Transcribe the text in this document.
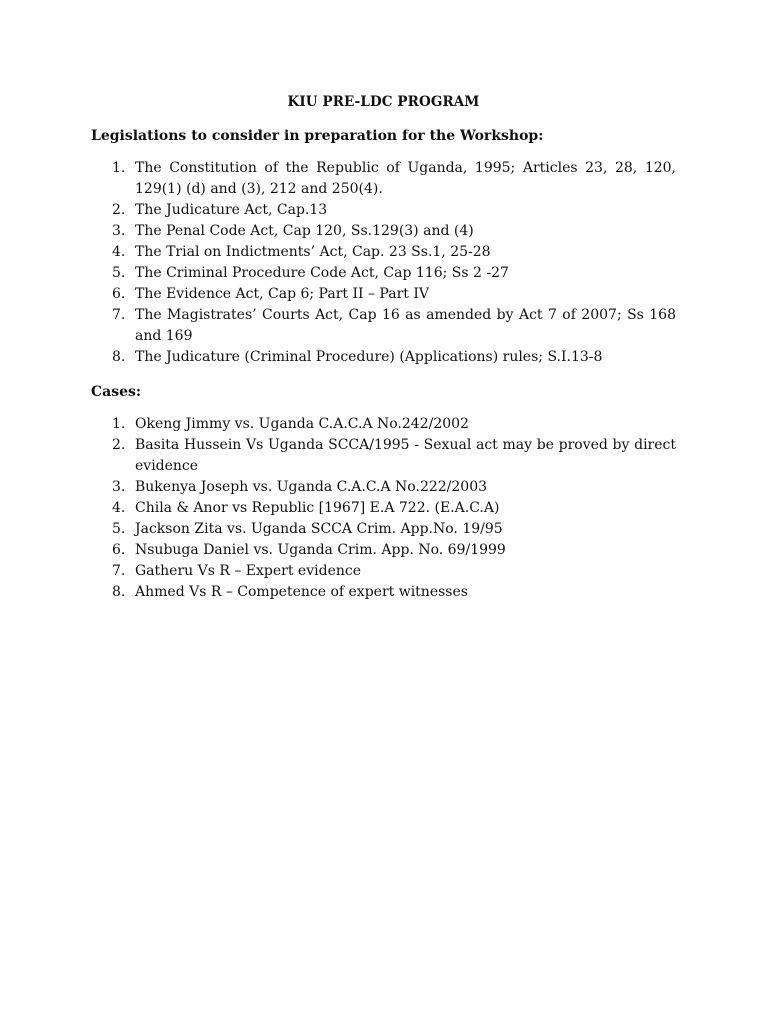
KIU PRE-LDC PROGRAM
Legislations to consider in preparation for the Workshop:
1. The Constitution of the Republic of Uganda, 1995; Articles 23, 28, 120, 129(1) (d) and (3), 212 and 250(4).
2. The Judicature Act, Cap.13
3. The Penal Code Act, Cap 120, Ss.129(3) and (4)
4. The Trial on Indictments’ Act, Cap. 23 Ss.1, 25-28
5. The Criminal Procedure Code Act, Cap 116; Ss 2 -27
6. The Evidence Act, Cap 6; Part II – Part IV
7. The Magistrates’ Courts Act, Cap 16 as amended by Act 7 of 2007; Ss 168 and 169
8. The Judicature (Criminal Procedure) (Applications) rules; S.I.13-8
Cases:
1. Okeng Jimmy vs. Uganda C.A.C.A No.242/2002
2. Basita Hussein Vs Uganda SCCA/1995 - Sexual act may be proved by direct evidence
3. Bukenya Joseph vs. Uganda C.A.C.A No.222/2003
4. Chila & Anor vs Republic [1967] E.A 722. (E.A.C.A)
5. Jackson Zita vs. Uganda SCCA Crim. App.No. 19/95
6. Nsubuga Daniel vs. Uganda Crim. App. No. 69/1999
7. Gatheru Vs R – Expert evidence
8. Ahmed Vs R – Competence of expert witnesses
